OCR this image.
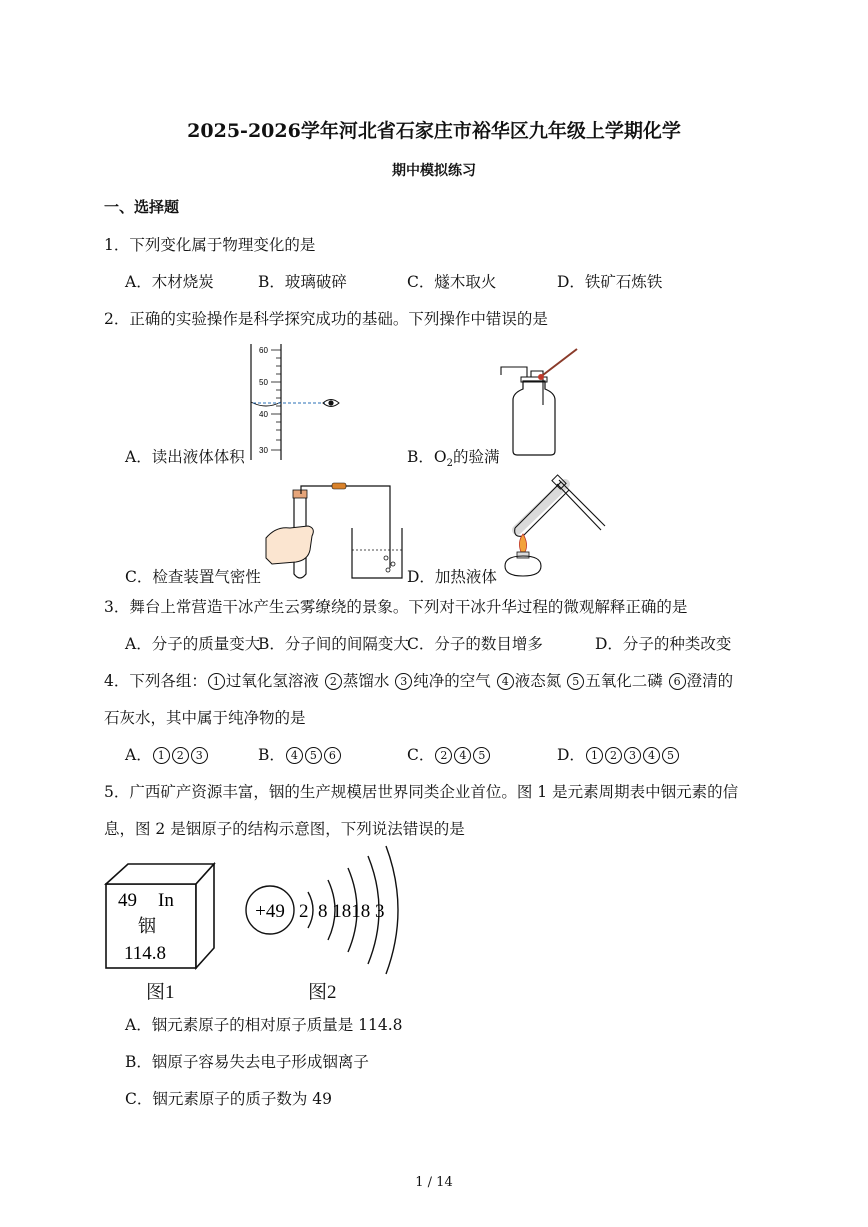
2025-2026学年河北省石家庄市裕华区九年级上学期化学
期中模拟练习
一、选择题
1．下列变化属于物理变化的是
A．木材烧炭	B．玻璃破碎	C．燧木取火	D．铁矿石炼铁
2．正确的实验操作是科学探究成功的基础。下列操作中错误的是
A．读出液体体积
60
50
40
30	B．$O_2$的验满
C．检查装置气密性	D．加热液体
3．舞台上常营造干冰产生云雾缭绕的景象。下列对干冰升华过程的微观解释正确的是
A．分子的质量变大
B．分子间的间隔变大
C．分子的数目增多	D．分子的种类改变
4．下列各组： 1 过氧化氢溶液 2 蒸馏水 3 纯净的空气 4 液态氮 5 五氧化二磷 6 澄清的
石灰水，其中属于纯净物的是
A． 1 2 3	B． 4 5 6	C． 2 4 5	D． 1 2 3 4 5
5．广西矿产资源丰富，铟的生产规模居世界同类企业首位。图 1 是元素周期表中铟元素的信
息，图 2 是铟原子的结构示意图，下列说法错误的是
49 In
铟
114.8
图1
+49 2  8 1818 3
图2
A．铟元素原子的相对原子质量是 114.8
B．铟原子容易失去电子形成铟离子
C．铟元素原子的质子数为 49
1 / 14
